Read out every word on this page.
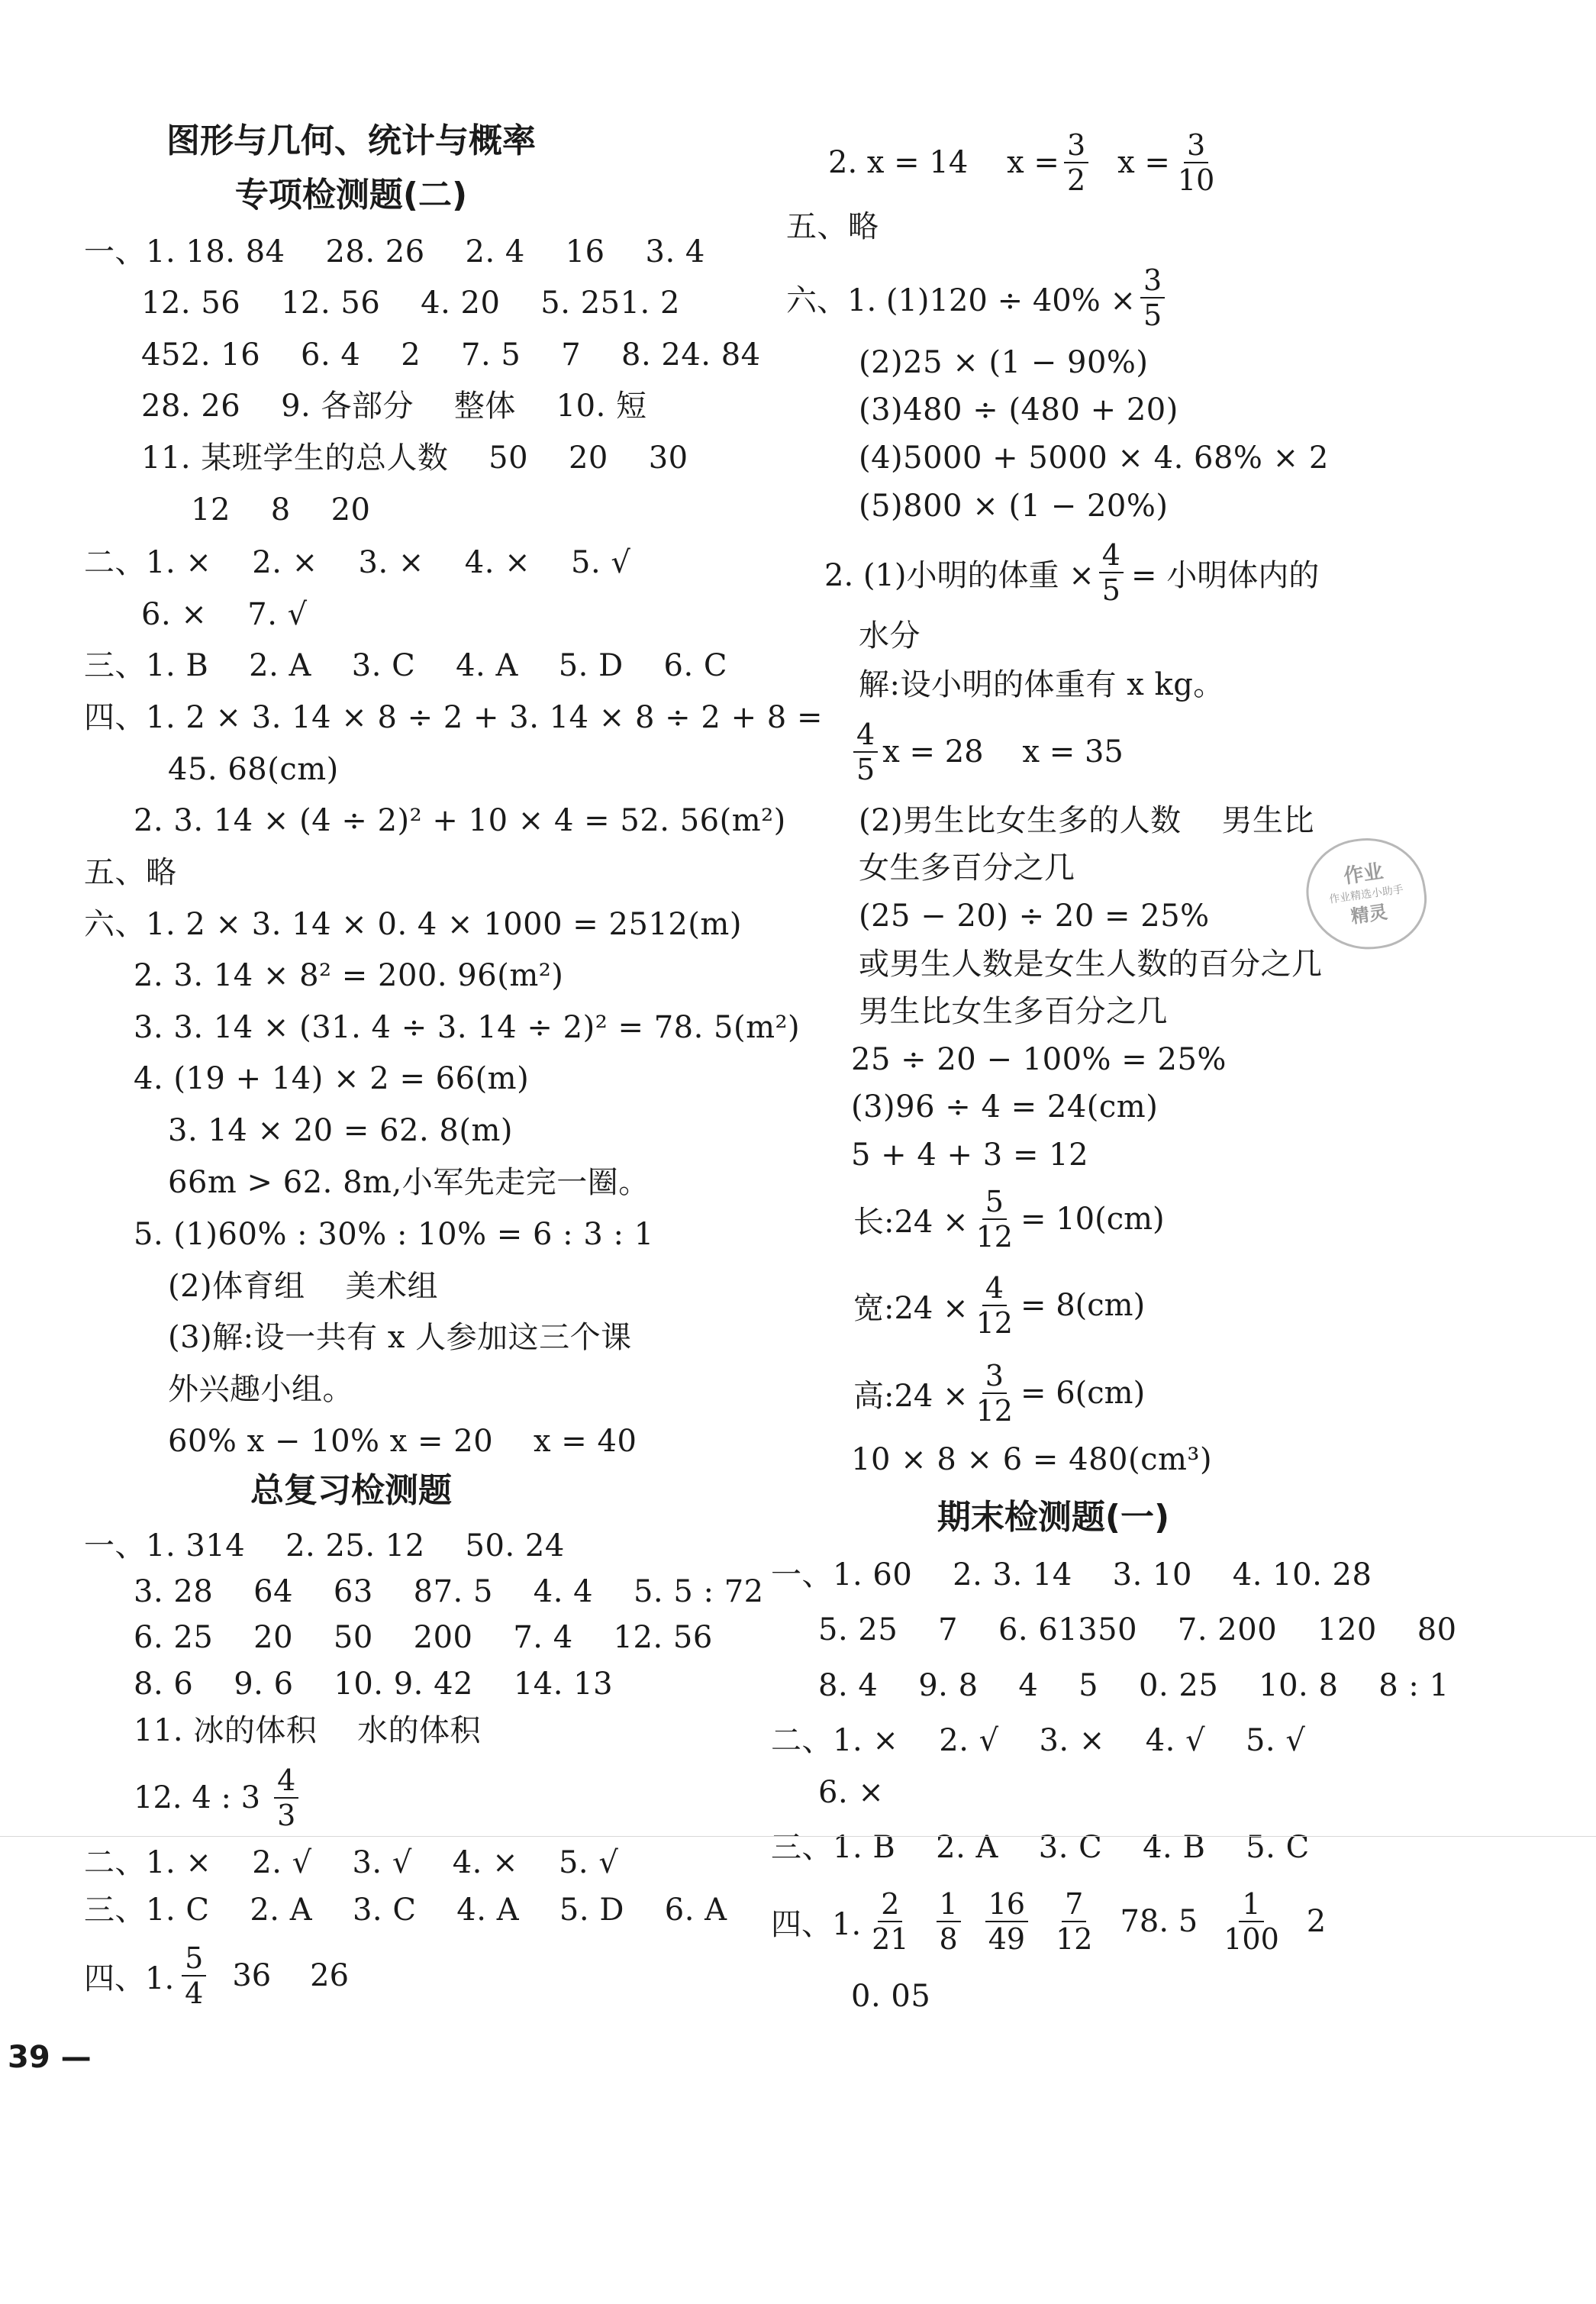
图形与几何、统计与概率
专项检测题(二)
一、1. 18. 84    28. 26    2. 4    16    3. 4
12. 56    12. 56    4. 20    5. 251. 2
452. 16    6. 4    2    7. 5    7    8. 24. 84
28. 26    9. 各部分    整体    10. 短
11. 某班学生的总人数    50    20    30
12    8    20
二、1. ×    2. ×    3. ×    4. ×    5. √
6. ×    7. √
三、1. B    2. A    3. C    4. A    5. D    6. C
四、1. 2 × 3. 14 × 8 ÷ 2 + 3. 14 × 8 ÷ 2 + 8 =
45. 68(cm)
2. 3. 14 × (4 ÷ 2)² + 10 × 4 = 52. 56(m²)
五、略
六、1. 2 × 3. 14 × 0. 4 × 1000 = 2512(m)
2. 3. 14 × 8² = 200. 96(m²)
3. 3. 14 × (31. 4 ÷ 3. 14 ÷ 2)² = 78. 5(m²)
4. (19 + 14) × 2 = 66(m)
3. 14 × 20 = 62. 8(m)
66m > 62. 8m,小军先走完一圈。
5. (1)60% : 30% : 10% = 6 : 3 : 1
(2)体育组    美术组
(3)解:设一共有 x 人参加这三个课
外兴趣小组。
60% x − 10% x = 20    x = 40
总复习检测题
一、1. 314    2. 25. 12    50. 24
3. 28    64    63    87. 5    4. 4    5. 5 : 72
6. 25    20    50    200    7. 4    12. 56
8. 6    9. 6    10. 9. 42    14. 13
11. 冰的体积    水的体积
12. 4 : $3 \frac{4}{3}$
二、1. ×    2. √    3. √    4. ×    5. √
三、1. C    2. A    3. C    4. A    5. D    6. A
四、1. $\frac{5}{4} 36$    26
2. x = 14    $x = \frac{3}{2}$ $x = \frac{3}{10}$
五、略
六、1. $(1)120 \div 40\% \times \frac{3}{5}$
(2)25 × (1 − 90%)
(3)480 ÷ (480 + 20)
(4)5000 + 5000 × 4. 68% × 2
(5)800 × (1 − 20%)
2. (1)小明的体重 × $\frac{4}{5}$ = 小明体内的
水分
解:设小明的体重有 x kg。
$\frac{4}{5}$ x = 28    x = 35
(2)男生比女生多的人数    男生比
女生多百分之几
(25 − 20) ÷ 20 = 25%
或男生人数是女生人数的百分之几
男生比女生多百分之几
25 ÷ 20 − 100% = 25%
(3)96 ÷ 4 = 24(cm)
5 + 4 + 3 = 12
长:24 × $\frac{5}{12} = 10(cm)$
宽:24 × $\frac{4}{12} = 8(cm)$
高:24 × $\frac{3}{12} = 6(cm)$
10 × 8 × 6 = 480(cm³)
期末检测题(一)
一、1. 60    2. 3. 14    3. 10    4. 10. 28
5. 25    7    6. 61350    7. 200    120    80
8. 4    9. 8    4    5    0. 25    10. 8    8 : 1
二、1. ×    2. √    3. ×    4. √    5. √
6. ×
三、1. B    2. A    3. C    4. B    5. C
四、1. $\frac{2}{21} \frac{1}{8} \frac{16}{49} \frac{7}{12} 78$. $5 \frac{1}{100} 2$
0. 05
作业
作业精选小助手
精灵
39 —
